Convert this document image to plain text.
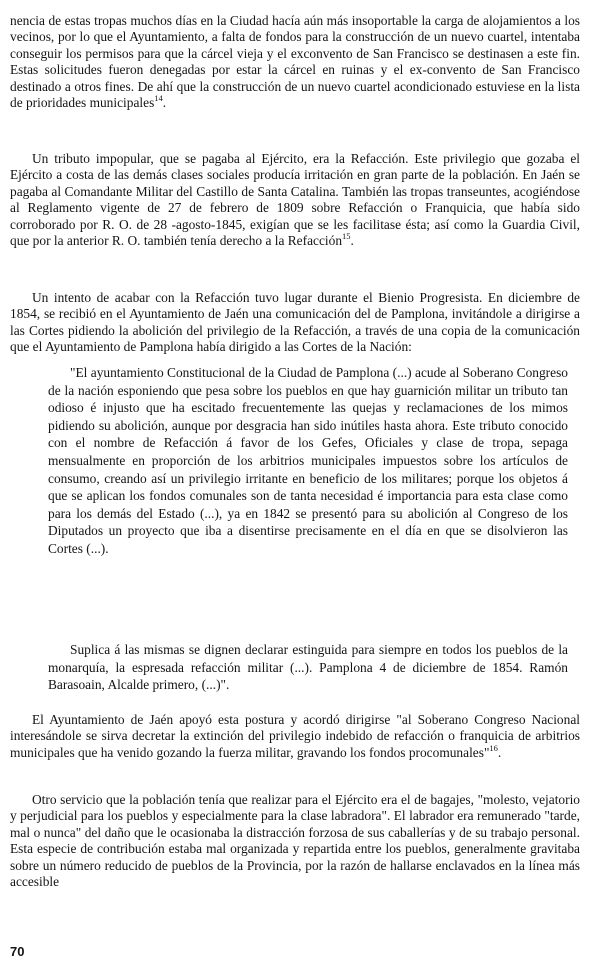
nencia de estas tropas muchos días en la Ciudad hacía aún más insoportable la carga de alojamientos a los vecinos, por lo que el Ayuntamiento, a falta de fondos para la construcción de un nuevo cuartel, intentaba conseguir los permisos para que la cárcel vieja y el exconvento de San Francisco se destinasen a este fin. Estas solicitudes fueron denegadas por estar la cárcel en ruinas y el ex-convento de San Francisco destinado a otros fines. De ahí que la construcción de un nuevo cuartel acondicionado estuviese en la lista de prioridades municipales$^{14}$.

Un tributo impopular, que se pagaba al Ejército, era la Refacción. Este privilegio que gozaba el Ejército a costa de las demás clases sociales producía irritación en gran parte de la población. En Jaén se pagaba al Comandante Militar del Castillo de Santa Catalina. También las tropas transeuntes, acogiéndose al Reglamento vigente de 27 de febrero de 1809 sobre Refacción o Franquicia, que había sido corroborado por R. O. de 28 -agosto-1845, exigían que se les facilitase ésta; así como la Guardia Civil, que por la anterior R. O. también tenía derecho a la Refacción$^{15}$.

Un intento de acabar con la Refacción tuvo lugar durante el Bienio Progresista. En diciembre de 1854, se recibió en el Ayuntamiento de Jaén una comunicación del de Pamplona, invitándole a dirigirse a las Cortes pidiendo la abolición del privilegio de la Refacción, a través de una copia de la comunicación que el Ayuntamiento de Pamplona había dirigido a las Cortes de la Nación:

"El ayuntamiento Constitucional de la Ciudad de Pamplona (...) acude al Soberano Congreso de la nación esponiendo que pesa sobre los pueblos en que hay guarnición militar un tributo tan odioso é injusto que ha escitado frecuentemente las quejas y reclamaciones de los mimos pidiendo su abolición, aunque por desgracia han sido inútiles hasta ahora. Este tributo conocido con el nombre de Refacción á favor de los Gefes, Oficiales y clase de tropa, sepaga mensualmente en proporción de los arbitrios municipales impuestos sobre los artículos de consumo, creando así un privilegio irritante en beneficio de los militares; porque los objetos á que se aplican los fondos comunales son de tanta necesidad é importancia para esta clase como para los demás del Estado (...), ya en 1842 se presentó para su abolición al Congreso de los Diputados un proyecto que iba a disentirse precisamente en el día en que se disolvieron las Cortes (...).

Suplica á las mismas se dignen declarar estinguida para siempre en todos los pueblos de la monarquía, la espresada refacción militar (...). Pamplona 4 de diciembre de 1854. Ramón Barasoain, Alcalde primero, (...)".

El Ayuntamiento de Jaén apoyó esta postura y acordó dirigirse "al Soberano Congreso Nacional interesándole se sirva decretar la extinción del privilegio indebido de refacción o franquicia de arbitrios municipales que ha venido gozando la fuerza militar, gravando los fondos procomunales"$^{16}$.

Otro servicio que la población tenía que realizar para el Ejército era el de bagajes, "molesto, vejatorio y perjudicial para los pueblos y especialmente para la clase labradora". El labrador era remunerado "tarde, mal o nunca" del daño que le ocasionaba la distracción forzosa de sus caballerías y de su trabajo personal. Esta especie de contribución estaba mal organizada y repartida entre los pueblos, generalmente gravitaba sobre un número reducido de pueblos de la Provincia, por la razón de hallarse enclavados en la línea más accesible

70
